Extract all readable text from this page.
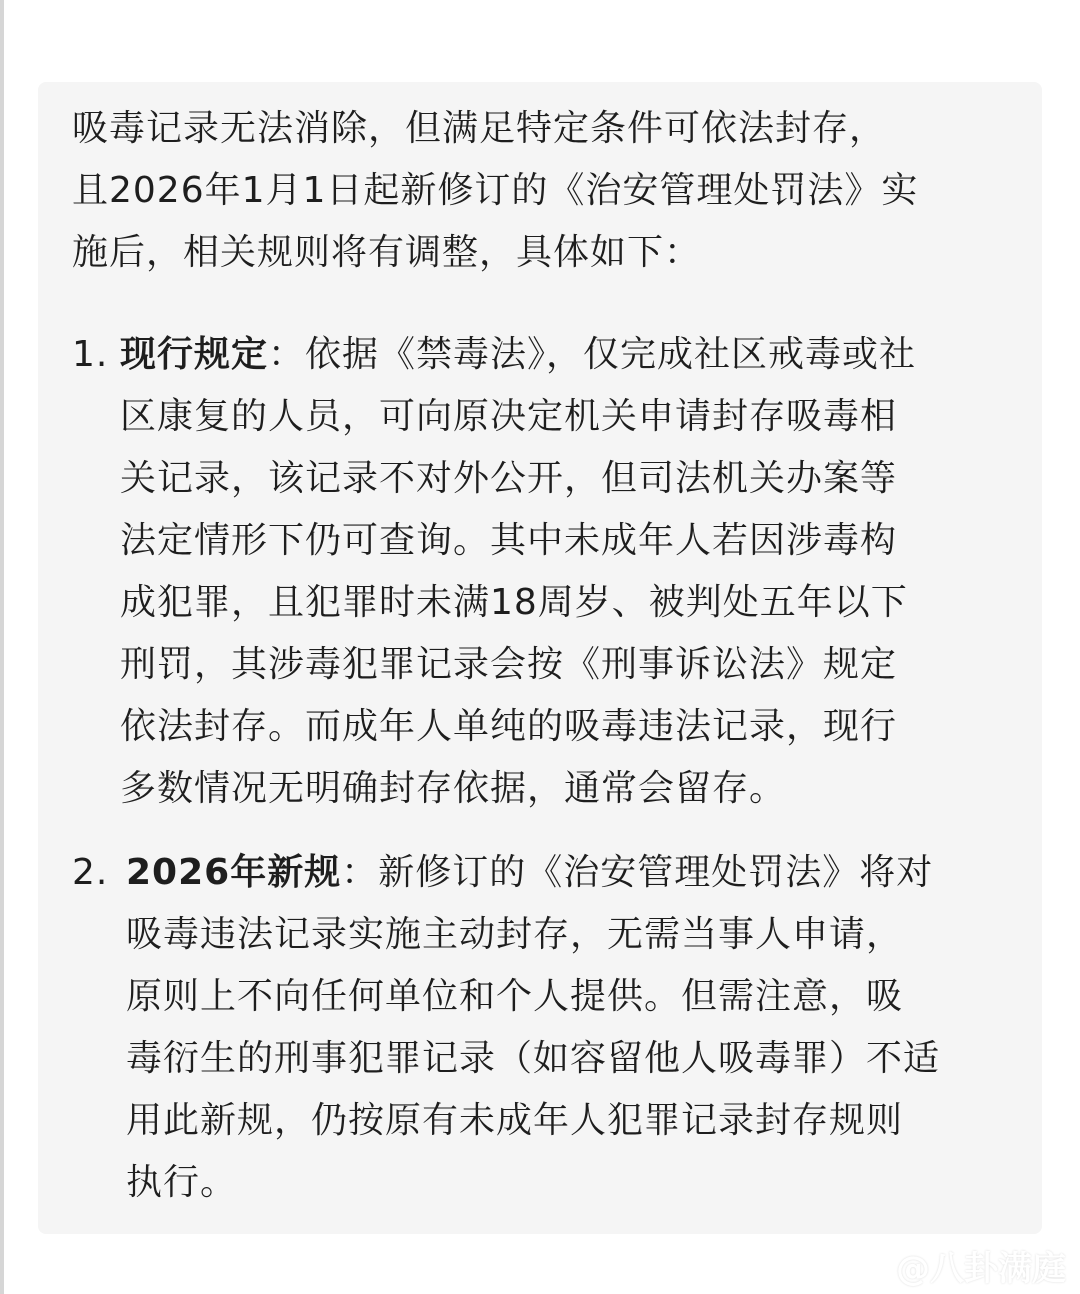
吸毒记录无法消除，但满足特定条件可依法封存，
且2026年1月1日起新修订的《治安管理处罚法》实
施后，相关规则将有调整，具体如下：
1. 现行规定：依据《禁毒法》，仅完成社区戒毒或社
区康复的人员，可向原决定机关申请封存吸毒相
关记录，该记录不对外公开，但司法机关办案等
法定情形下仍可查询。其中未成年人若因涉毒构
成犯罪，且犯罪时未满18周岁、被判处五年以下
刑罚，其涉毒犯罪记录会按《刑事诉讼法》规定
依法封存。而成年人单纯的吸毒违法记录，现行
多数情况无明确封存依据，通常会留存。
2. 2026年新规：新修订的《治安管理处罚法》将对
吸毒违法记录实施主动封存，无需当事人申请，
原则上不向任何单位和个人提供。但需注意，吸
毒衍生的刑事犯罪记录（如容留他人吸毒罪）不适
用此新规，仍按原有未成年人犯罪记录封存规则
执行。
@八卦满庭
